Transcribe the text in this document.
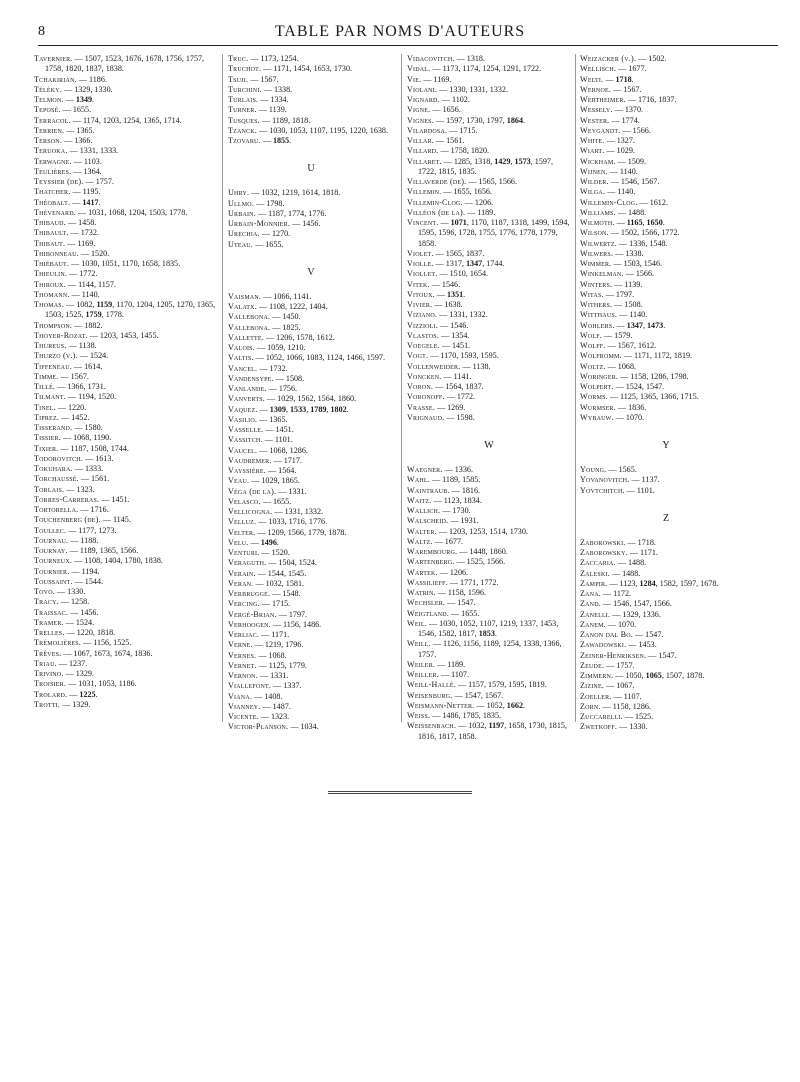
8	TABLE PAR NOMS D'AUTEURS
Tavernier. — 1507, 1523, 1676, 1678, 1756, 1757, 1758, 1820, 1837, 1838.
Tchakirian. — 1186.
Téléky. — 1329, 1330.
Telmon. — 1349.
Teposé. — 1655.
Terracol. — 1174, 1203, 1254, 1365, 1714.
Terrien. — 1365.
Terson. — 1366.
Teruoka. — 1331, 1333.
Terwagne. — 1103.
Teulières. — 1364.
Teyssier (de). — 1757.
Thatcher. — 1195.
Théobalt. — 1417.
Thévenard. — 1031, 1068, 1204, 1503, 1778.
Thibaud. — 1458.
Thibault. — 1732.
Thibaut. — 1169.
Thibonneau. — 1520.
Thiébaut. — 1030, 1051, 1170, 1658, 1835.
Thieulin. — 1772.
Thiroux. — 1144, 1157.
Thomann. — 1140.
Thomas. — 1082, 1159, 1170, 1204, 1205, 1270, 1365, 1503, 1525, 1759, 1778.
Thompson. — 1882.
Thoyer-Rozat. — 1203, 1453, 1455.
Thureus. — 1138.
Thurzo (v.). — 1524.
Tiffeneau. — 1614.
Timme. — 1567.
Tillé. — 1366, 1731.
Tilmant. — 1194, 1520.
Tinel. — 1220.
Tiprez. — 1452.
Tisserand. — 1580.
Tissier. — 1068, 1190.
Tixier. — 1187, 1508, 1744.
Todorovitch. — 1613.
Tokuhara. — 1333.
Torchaussé. — 1561.
Torlais. — 1323.
Torres-Carreras. — 1451.
Tortorella. — 1716.
Touchenberg (de). — 1145.
Toullec. — 1177, 1273.
Tournau. — 1188.
Tournay. — 1189, 1365, 1566.
Tourneux. — 1108, 1404, 1780, 1838.
Tournier. — 1194.
Toussaint. — 1544.
Tovo. — 1330.
Tracy. — 1258.
Traissac. — 1456.
Tramer. — 1524.
Trelles. — 1220, 1818.
Trémolières. — 1156, 1525.
Trêves. — 1067, 1673, 1674, 1836.
Triau. — 1237.
Trivino. — 1329.
Troisier. — 1031, 1053, 1186.
Trolard. — 1225.
Trotti. — 1329.
Truc. — 1173, 1254.
Truchot. — 1171, 1454, 1653, 1730.
Tsuji. — 1567.
Turchini. — 1338.
Turlais. — 1334.
Turner. — 1139.
Tusques. — 1189, 1818.
Tzanck. — 1030, 1053, 1107, 1195, 1220, 1638.
Tzovaru. — 1855.
U
Uhry. — 1032, 1219, 1614, 1818.
Ullmo. — 1798.
Urbain. — 1187, 1774, 1776.
Urbain-Monnier. — 1456.
Urechia. — 1270.
Uteau. — 1655.
V
Vaisman. — 1066, 1141.
Valatx. — 1108, 1222, 1404.
Vallebona. — 1450.
Vallebona. — 1825.
Vallette. — 1206, 1578, 1612.
Valois. — 1059, 1210.
Valtis. — 1052, 1066, 1083, 1124, 1466, 1597.
Vancel. — 1732.
Vandensype. — 1508.
Vanlande. — 1756.
Vanverts. — 1029, 1562, 1564, 1860.
Vaquez. — 1309, 1533, 1789, 1802.
Vasilio. — 1365.
Vasselle. — 1451.
Vassitch. — 1101.
Vaucel. — 1068, 1286.
Vaudremer. — 1717.
Vayssière. — 1564.
Veau. — 1029, 1865.
Véga (de la). — 1331.
Velasco. — 1655.
Vellicogna. — 1331, 1332.
Velluz. — 1033, 1716, 1776.
Velter. — 1209, 1566, 1779, 1878.
Velu. — 1496.
Venturi. — 1520.
Veraguth. — 1504, 1524.
Verain. — 1544, 1545.
Veran. — 1032, 1581.
Verbrugge. — 1548.
Vercing. — 1715.
Vergé-Brian. — 1797.
Verhoogen. — 1156, 1486.
Verliac. — 1171.
Verne. — 1219, 1796.
Vernes. — 1068.
Vernet. — 1125, 1779.
Vernon. — 1331.
Viallefont. — 1337.
Viana. — 1408.
Vianney. — 1487.
Vicente. — 1323.
Victor-Planson. — 1034.
Vidacovitch. — 1318.
Vidal. — 1173, 1174, 1254, 1291, 1722.
Vie. — 1169.
Violani. — 1330, 1331, 1332.
Vignard. — 1102.
Vigne. — 1656.
Vignes. — 1597, 1730, 1797, 1864.
Vilardosa. — 1715.
Villar. — 1561.
Villard. — 1758, 1820.
Villaret. — 1285, 1318, 1429, 1573, 1597, 1722, 1815, 1835.
Villaverde (de). — 1565, 1566.
Villemin. — 1655, 1656.
Villemin-Clog. — 1206.
Villéon (de la). — 1189.
Vincent. — 1071, 1170, 1187, 1318, 1499, 1594, 1595, 1596, 1728, 1755, 1776, 1778, 1779, 1858.
Violet. — 1565, 1837.
Violle. — 1317, 1347, 1744.
Viollet. — 1510, 1654.
Vitek. — 1546.
Vitoux. — 1351.
Vivier. — 1638.
Viziano. — 1331, 1332.
Vizzioli. — 1546.
Vlastos. — 1354.
Voegele. — 1451.
Vogt. — 1170, 1593, 1595.
Vollenweider. — 1138.
Voncken. — 1141.
Voron. — 1564, 1837.
Voronoff. — 1772.
Vrasse. — 1269.
Vrignaud. — 1598.
W
Waegner. — 1336.
Wahl. — 1189, 1585.
Waintraub. — 1816.
Waitz. — 1123, 1834.
Wallich. — 1730.
Walscheid. — 1931.
Walter. — 1203, 1253, 1514, 1730.
Waltz. — 1677.
Warembourg. — 1448, 1860.
Wartenberg. — 1525, 1566.
Wartek. — 1206.
Wassilieff. — 1771, 1772.
Watrin. — 1158, 1596.
Wechsler. — 1547.
Weigtland. — 1655.
Weil. — 1030, 1052, 1107, 1219, 1337, 1453, 1546, 1582, 1817, 1853.
Weill. — 1126, 1156, 1189, 1254, 1338, 1366, 1757.
Weiler. — 1189.
Weiller. — 1107.
Weill-Hallé. — 1157, 1579, 1595, 1819.
Weisenburg. — 1547, 1567.
Weismann-Netter. — 1052, 1662.
Weiss. — 1486, 1785, 1835.
Weissenbach. — 1032, 1197, 1658, 1730, 1815, 1816, 1817, 1858.
Weizacker (v.). — 1502.
Wellisch. — 1677.
Welti. — 1718.
Wernoe. — 1567.
Wertheimer. — 1716, 1837.
Wessely. — 1370.
Wester. — 1774.
Weygandt. — 1566.
White. — 1327.
Wiart. — 1029.
Wickham. — 1509.
Wijnen. — 1140.
Wilder. — 1546, 1567.
Wilga. — 1140.
Willemin-Clog. — 1612.
Williams. — 1488.
Wilmoth. — 1165, 1650.
Wilson. — 1502, 1566, 1772.
Wilwertz. — 1336, 1548.
Wilwers. — 1338.
Wimmer. — 1503, 1546.
Winkelman. — 1566.
Winters. — 1139.
Witas. — 1797.
Withers. — 1508.
Witthaus. — 1140.
Wohlers. — 1347, 1473.
Wolf. — 1579.
Wolff. — 1567, 1612.
Wolfromm. — 1171, 1172, 1819.
Woltz. — 1068.
Woringer. — 1158, 1286, 1798.
Wolpert. — 1524, 1547.
Worms. — 1125, 1365, 1366, 1715.
Wurmser. — 1836.
Wybauw. — 1070.
Y
Young. — 1565.
Yovanovitch. — 1137.
Yovtchitch. — 1101.
Z
Zaborowski. — 1718.
Zaborowsky. — 1171.
Zaccaria. — 1488.
Zaleski. — 1488.
Zampir. — 1123, 1284, 1582, 1597, 1678.
Zana. — 1172.
Zand. — 1546, 1547, 1566.
Zanelli. — 1329, 1336.
Zanem. — 1070.
Zanon dal Bo. — 1547.
Zawadowski. — 1453.
Zeiner-Henriksen. — 1547.
Zeude. — 1757.
Zimmern. — 1050, 1065, 1507, 1878.
Zizine. — 1067.
Zoeller. — 1107.
Zorn. — 1158, 1286.
Zuccarelli. — 1525.
Zwetkoff. — 1330.
